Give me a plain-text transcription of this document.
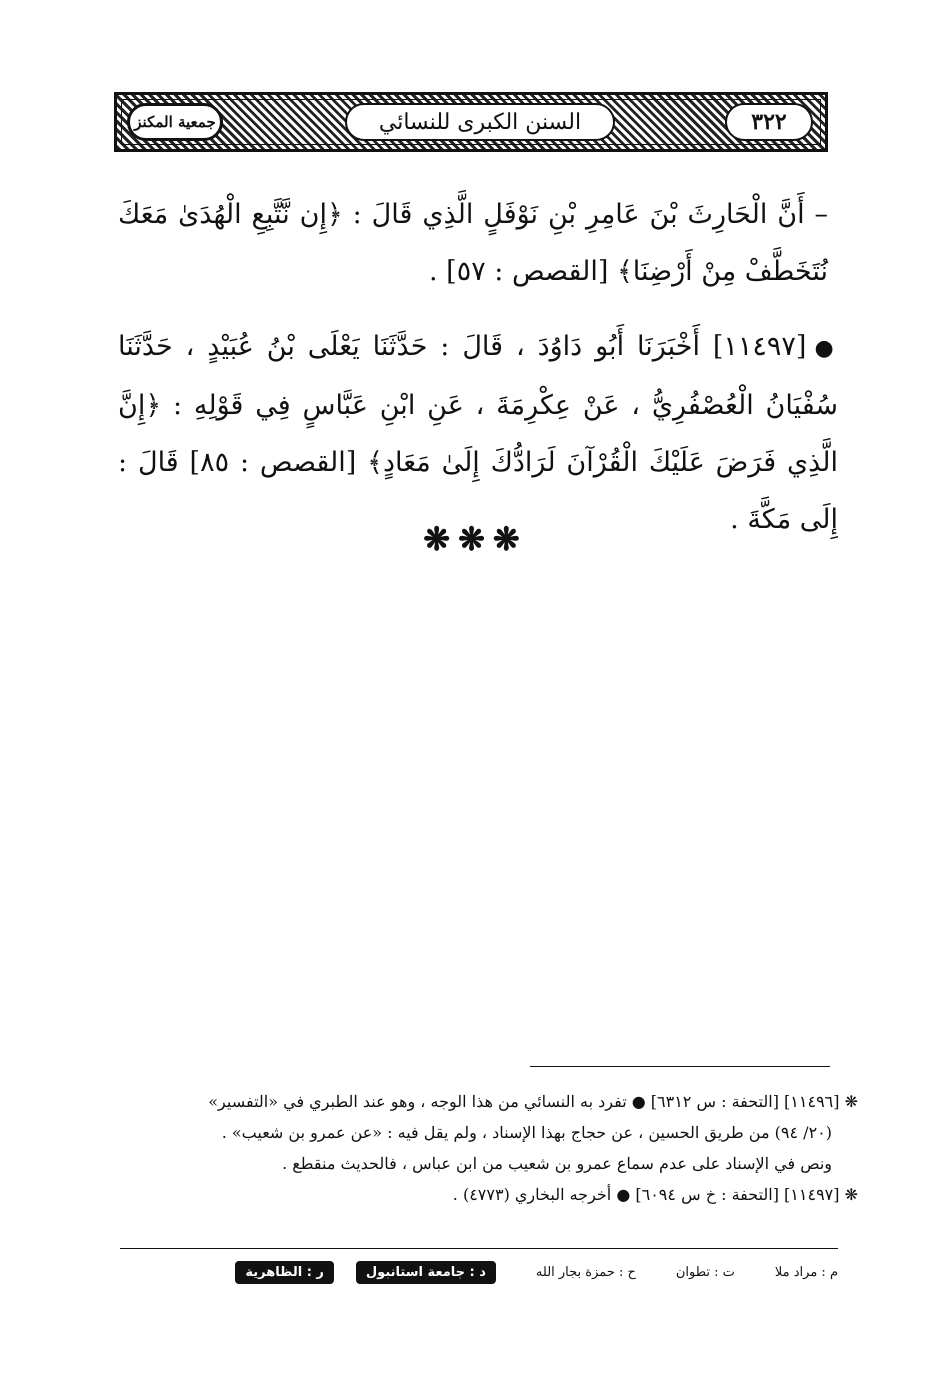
جمعية المكنز	السنن الكبرى للنسائي	٣٢٢
– أَنَّ الْحَارِثَ بْنَ عَامِرِ بْنِ نَوْفَلٍ الَّذِي قَالَ : ﴿إِن نَّتَّبِعِ الْهُدَىٰ مَعَكَ نُتَخَطَّفْ مِنْ أَرْضِنَا﴾ [القصص : ٥٧] .
●[١١٤٩٧] أَخْبَرَنَا أَبُو دَاوُدَ ، قَالَ : حَدَّثَنَا يَعْلَى بْنُ عُبَيْدٍ ، حَدَّثَنَا سُفْيَانُ الْعُصْفُرِيُّ ، عَنْ عِكْرِمَةَ ، عَنِ ابْنِ عَبَّاسٍ فِي قَوْلِهِ : ﴿إِنَّ الَّذِي فَرَضَ عَلَيْكَ الْقُرْآنَ لَرَادُّكَ إِلَىٰ مَعَادٍ﴾ [القصص : ٨٥] قَالَ : إِلَى مَكَّةَ .
❋❋❋
❋ [١١٤٩٦] [التحفة : س ٦٣١٢] ● تفرد به النسائي من هذا الوجه ، وهو عند الطبري في «التفسير»
(٢٠/ ٩٤) من طريق الحسين ، عن حجاج بهذا الإسناد ، ولم يقل فيه : «عن عمرو بن شعيب» .
ونص في الإسناد على عدم سماع عمرو بن شعيب من ابن عباس ، فالحديث منقطع .
❋ [١١٤٩٧] [التحفة : خ س ٦٠٩٤] ● أخرجه البخاري (٤٧٧٣) .
م : مراد ملا
ت : تطوان
ح : حمزة بجار الله
د : جامعة استانبول
ر : الظاهرية
